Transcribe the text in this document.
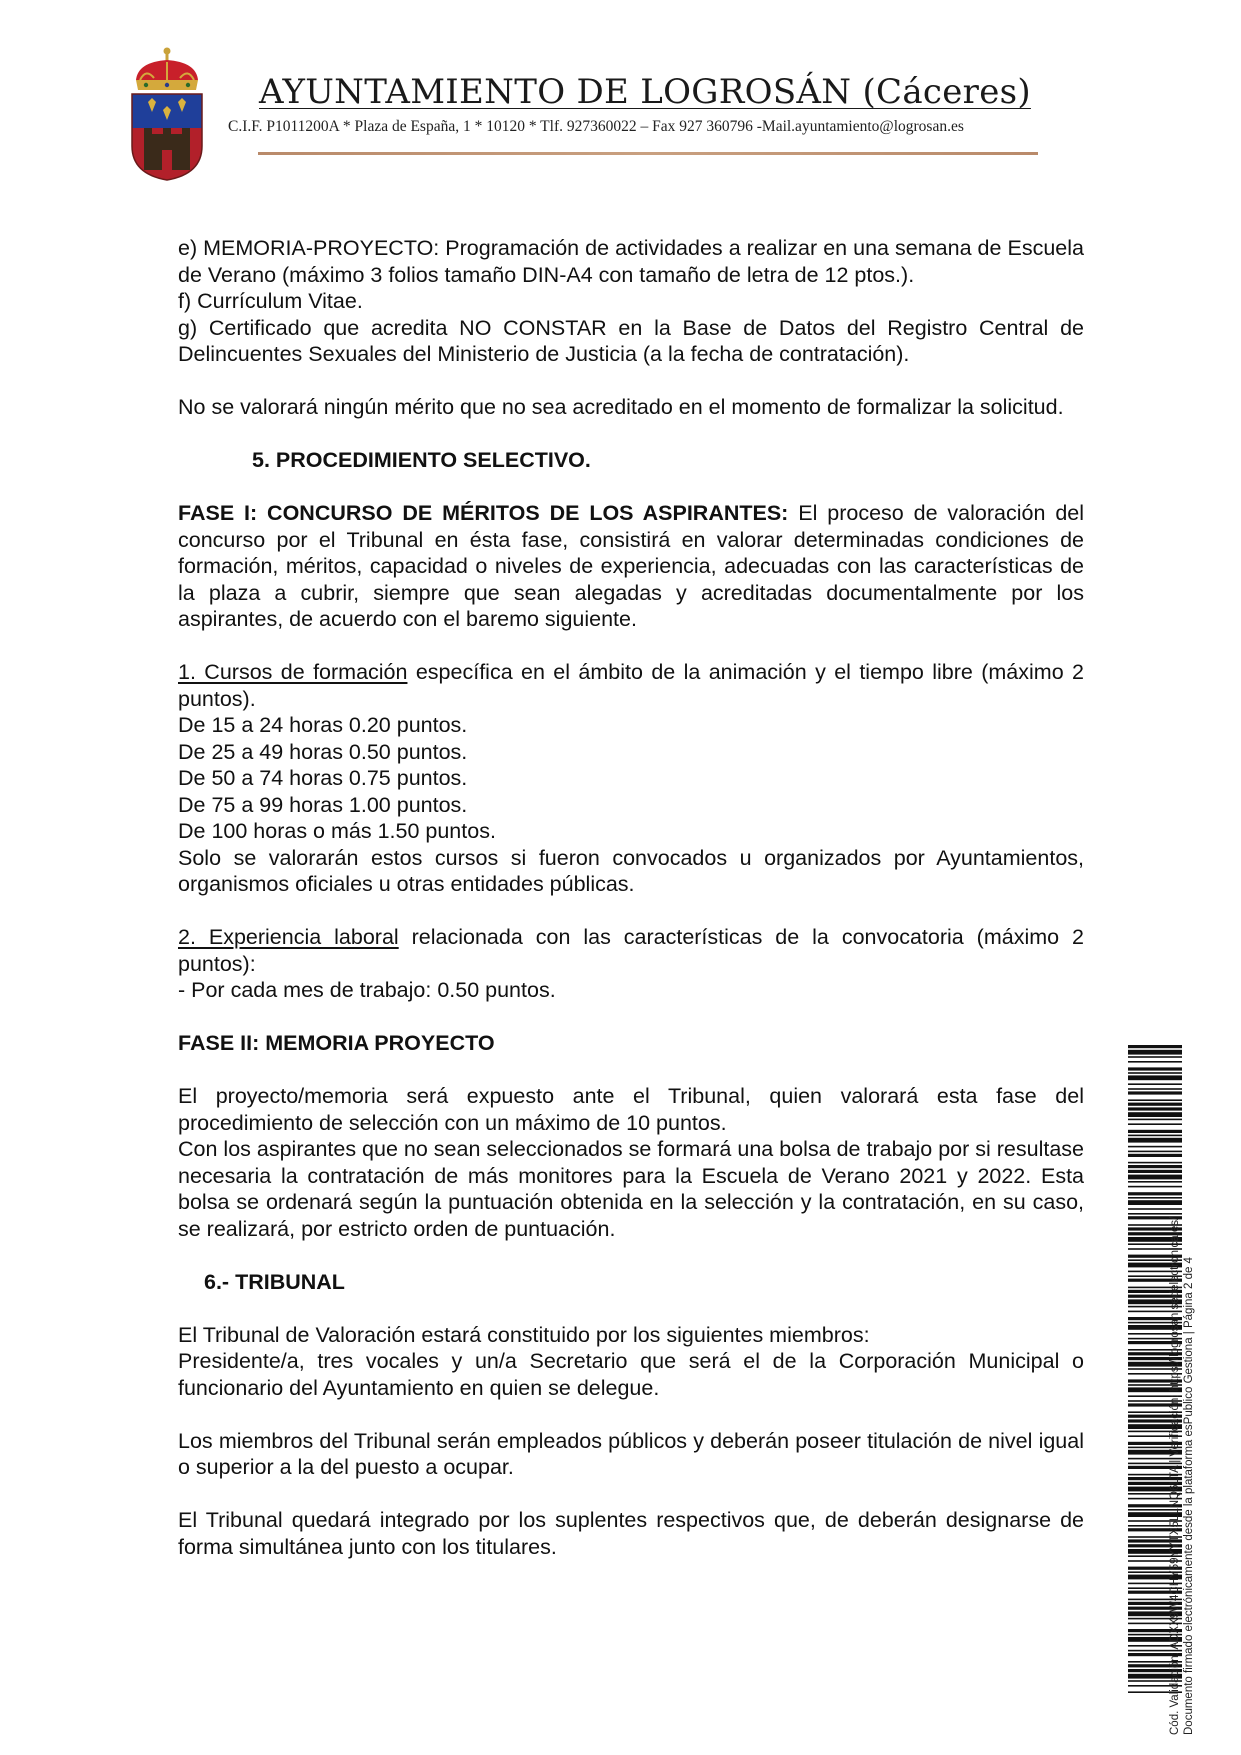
AYUNTAMIENTO DE LOGROSÁN (Cáceres)
C.I.F. P1011200A * Plaza de España, 1 * 10120 * Tlf. 927360022 – Fax 927 360796 -Mail.ayuntamiento@logrosan.es

e) MEMORIA-PROYECTO: Programación de actividades a realizar en una semana de Escuela de Verano (máximo 3 folios tamaño DIN-A4 con tamaño de letra de 12 ptos.).

f) Currículum Vitae.

g) Certificado que acredita NO CONSTAR en la Base de Datos del Registro Central de Delincuentes Sexuales del Ministerio de Justicia (a la fecha de contratación).

No se valorará ningún mérito que no sea acreditado en el momento de formalizar la solicitud.

5. PROCEDIMIENTO SELECTIVO.

FASE I: CONCURSO DE MÉRITOS DE LOS ASPIRANTES: El proceso de valoración del concurso por el Tribunal en ésta fase, consistirá en valorar determinadas condiciones de formación, méritos, capacidad o niveles de experiencia, adecuadas con las características de la plaza a cubrir, siempre que sean alegadas y acreditadas documentalmente por los aspirantes, de acuerdo con el baremo siguiente.

1. Cursos de formación específica en el ámbito de la animación y el tiempo libre (máximo 2 puntos).

De 15 a 24 horas 0.20 puntos.

De 25 a 49 horas 0.50 puntos.

De 50 a 74 horas 0.75 puntos.

De 75 a 99 horas 1.00 puntos.

De 100 horas o más 1.50 puntos.

Solo se valorarán estos cursos si fueron convocados u organizados por Ayuntamientos, organismos oficiales u otras entidades públicas.

2. Experiencia laboral relacionada con las características de la convocatoria (máximo 2 puntos):

- Por cada mes de trabajo: 0.50 puntos.

FASE II: MEMORIA PROYECTO

El proyecto/memoria será expuesto ante el Tribunal, quien valorará esta fase del procedimiento de selección con un máximo de 10 puntos.

Con los aspirantes que no sean seleccionados se formará una bolsa de trabajo por si resultase necesaria la contratación de más monitores para la Escuela de Verano 2021 y 2022. Esta bolsa se ordenará según la puntuación obtenida en la selección y la contratación, en su caso, se realizará, por estricto orden de puntuación.

6.- TRIBUNAL

El Tribunal de Valoración estará constituido por los siguientes miembros:

Presidente/a, tres vocales y un/a Secretario que será el de la Corporación Municipal o funcionario del Ayuntamiento en quien se delegue.

Los miembros del Tribunal serán empleados públicos y deberán poseer titulación de nivel igual o superior a la del puesto a ocupar.

El Tribunal quedará integrado por los suplentes respectivos que, de deberán designarse de forma simultánea junto con los titulares.	Cód. Validación: ADXX9W4CHY59YYTX5LLNQ6LTA | Verificación: https://logrosan.sedelectronica.es/ Documento firmado electrónicamente desde la plataforma esPublico Gestiona | Página 2 de 4
